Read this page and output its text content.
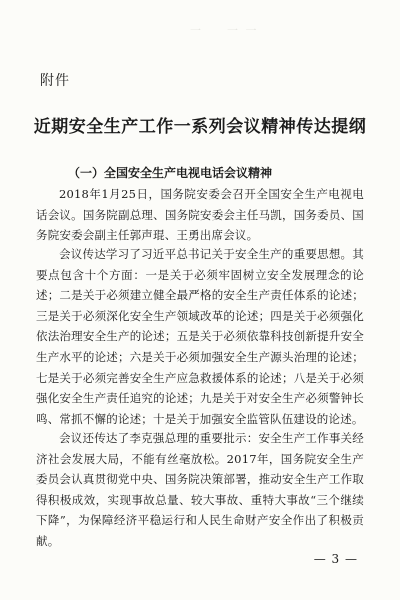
一 　 一 一
附件
近期安全生产工作一系列会议精神传达提纲
（一）全国安全生产电视电话会议精神

2018年1月25日，国务院安委会召开全国安全生产电视电话会议。国务院副总理、国务院安委会主任马凯，国务委员、国务院安委会副主任郭声琨、王勇出席会议。

会议传达学习了习近平总书记关于安全生产的重要思想。其要点包含十个方面：一是关于必须牢固树立安全发展理念的论述；二是关于必须建立健全最严格的安全生产责任体系的论述；三是关于必须深化安全生产领域改革的论述；四是关于必须强化依法治理安全生产的论述；五是关于必须依靠科技创新提升安全生产水平的论述；六是关于必须加强安全生产源头治理的论述；七是关于必须完善安全生产应急救援体系的论述；八是关于必须强化安全生产责任追究的论述；九是关于对安全生产必须警钟长鸣、常抓不懈的论述；十是关于加强安全监管队伍建设的论述。

会议还传达了李克强总理的重要批示：安全生产工作事关经济社会发展大局，不能有丝毫放松。2017年，国务院安全生产委员会认真贯彻党中央、国务院决策部署，推动安全生产工作取得积极成效，实现事故总量、较大事故、重特大事故“三个继续下降”，为保障经济平稳运行和人民生命财产安全作出了积极贡献。

— 3 —
